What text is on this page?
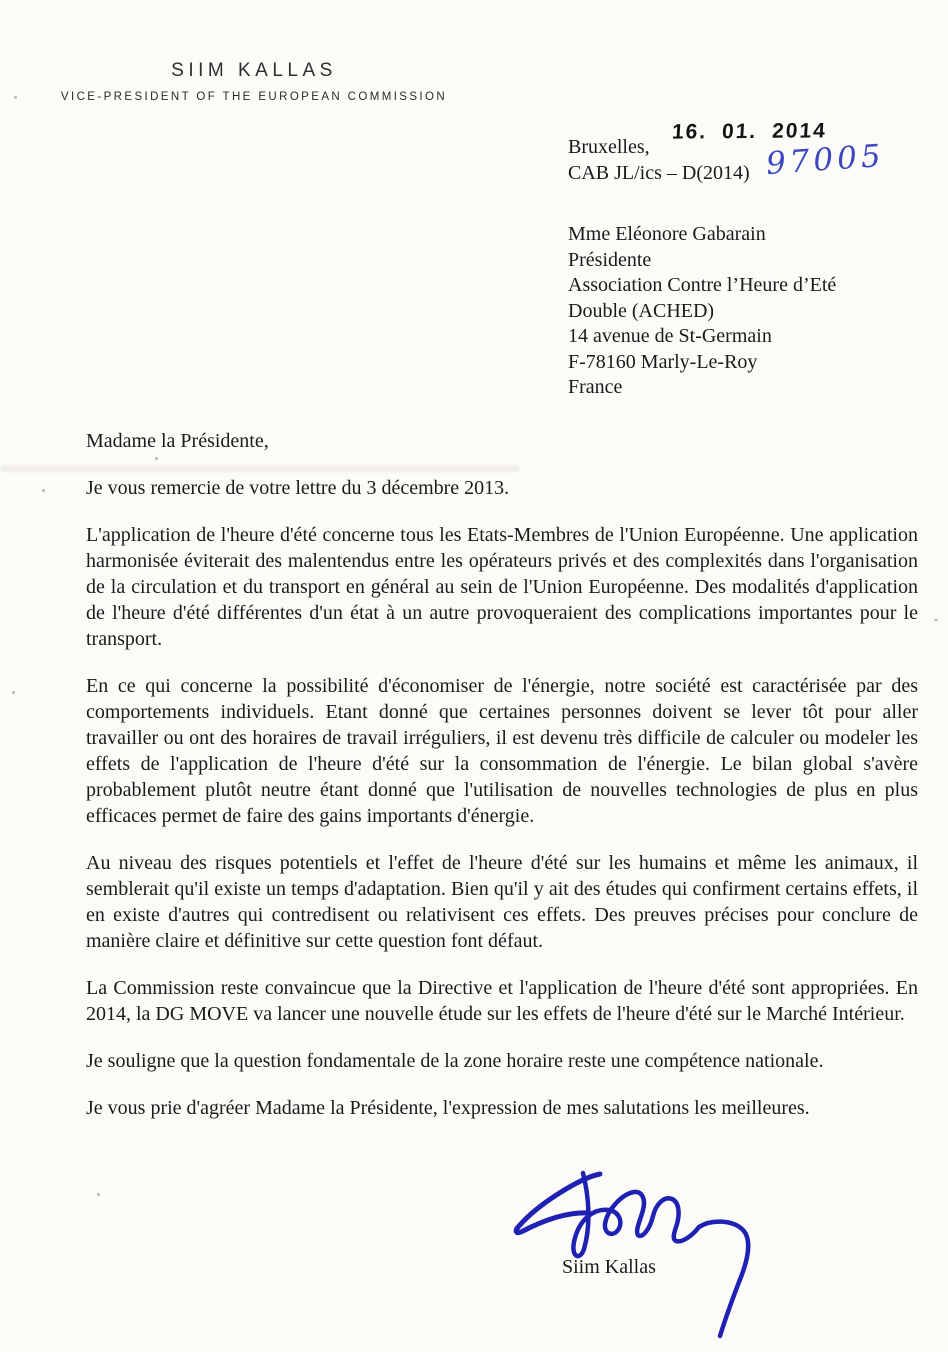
SIIM KALLAS
VICE-PRESIDENT OF THE EUROPEAN COMMISSION
Bruxelles,
16. 01. 2014
CAB JL/ics – D(2014) 97005
Mme Eléonore Gabarain
Présidente
Association Contre l’Heure d’Eté
Double (ACHED)
14 avenue de St-Germain
F-78160 Marly-Le-Roy
France

Madame la Présidente,

Je vous remercie de votre lettre du 3 décembre 2013.

L'application de l'heure d'été concerne tous les Etats-Membres de l'Union Européenne. Une application harmonisée éviterait des malentendus entre les opérateurs privés et des complexités dans l'organisation de la circulation et du transport en général au sein de l'Union Européenne. Des modalités d'application de l'heure d'été différentes d'un état à un autre provoqueraient des complications importantes pour le transport.

En ce qui concerne la possibilité d'économiser de l'énergie, notre société est caractérisée par des comportements individuels. Etant donné que certaines personnes doivent se lever tôt pour aller travailler ou ont des horaires de travail irréguliers, il est devenu très difficile de calculer ou modeler les effets de l'application de l'heure d'été sur la consommation de l'énergie. Le bilan global s'avère probablement plutôt neutre étant donné que l'utilisation de nouvelles technologies de plus en plus efficaces permet de faire des gains importants d'énergie.

Au niveau des risques potentiels et l'effet de l'heure d'été sur les humains et même les animaux, il semblerait qu'il existe un temps d'adaptation. Bien qu'il y ait des études qui confirment certains effets, il en existe d'autres qui contredisent ou relativisent ces effets. Des preuves précises pour conclure de manière claire et définitive sur cette question font défaut.

La Commission reste convaincue que la Directive et l'application de l'heure d'été sont appropriées. En 2014, la DG MOVE va lancer une nouvelle étude sur les effets de l'heure d'été sur le Marché Intérieur.

Je souligne que la question fondamentale de la zone horaire reste une compétence nationale.

Je vous prie d'agréer Madame la Présidente, l'expression de mes salutations les meilleures.

Siim Kallas
